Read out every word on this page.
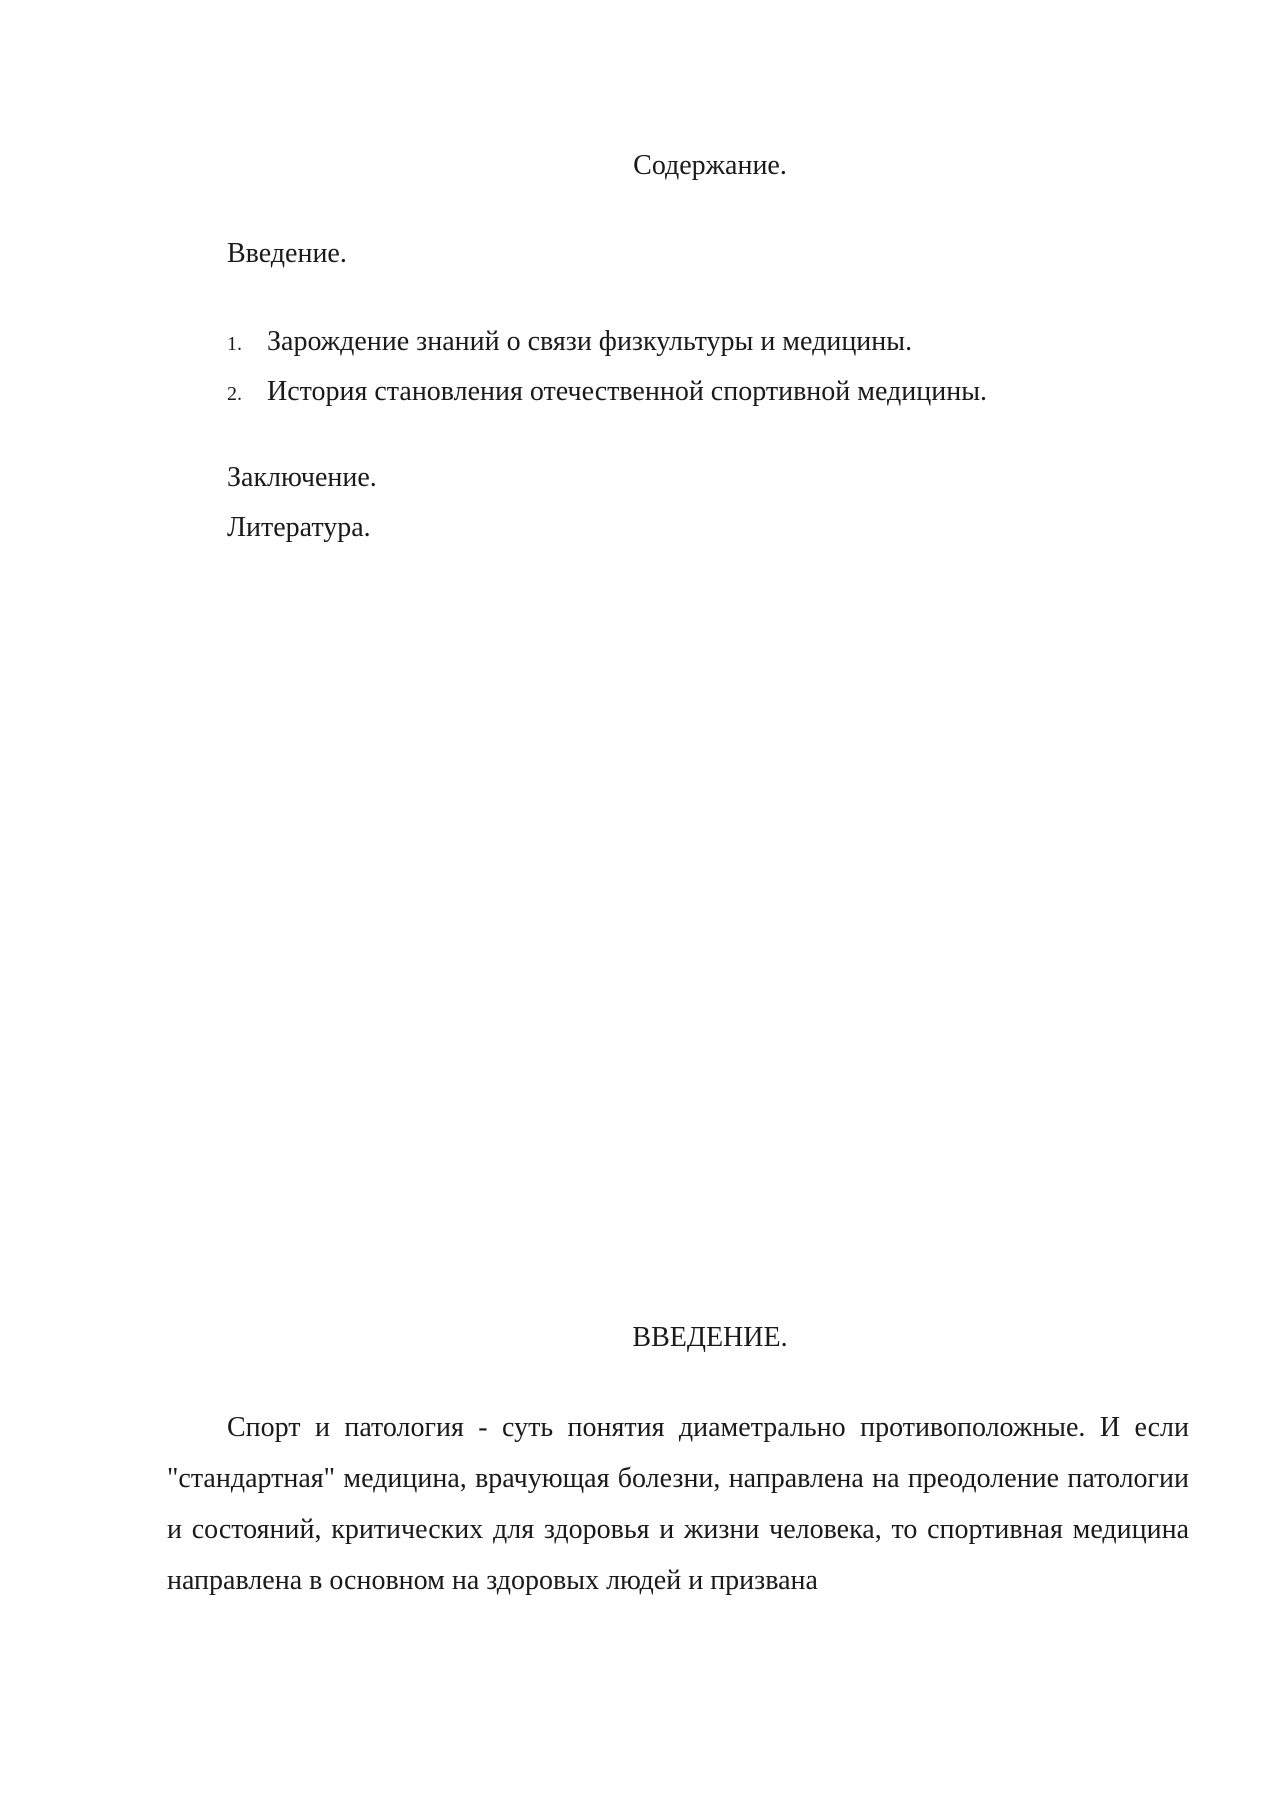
Содержание.
Введение.
1. Зарождение знаний о связи физкультуры и медицины.
2. История становления отечественной спортивной медицины.
Заключение.
Литература.
ВВЕДЕНИЕ.

Спорт и патология - суть понятия диаметрально противоположные. И если "стандартная" медицина, врачующая болезни, направлена на преодоление патологии и состояний, критических для здоровья и жизни человека, то спортивная медицина направлена в основном на здоровых людей и призвана
